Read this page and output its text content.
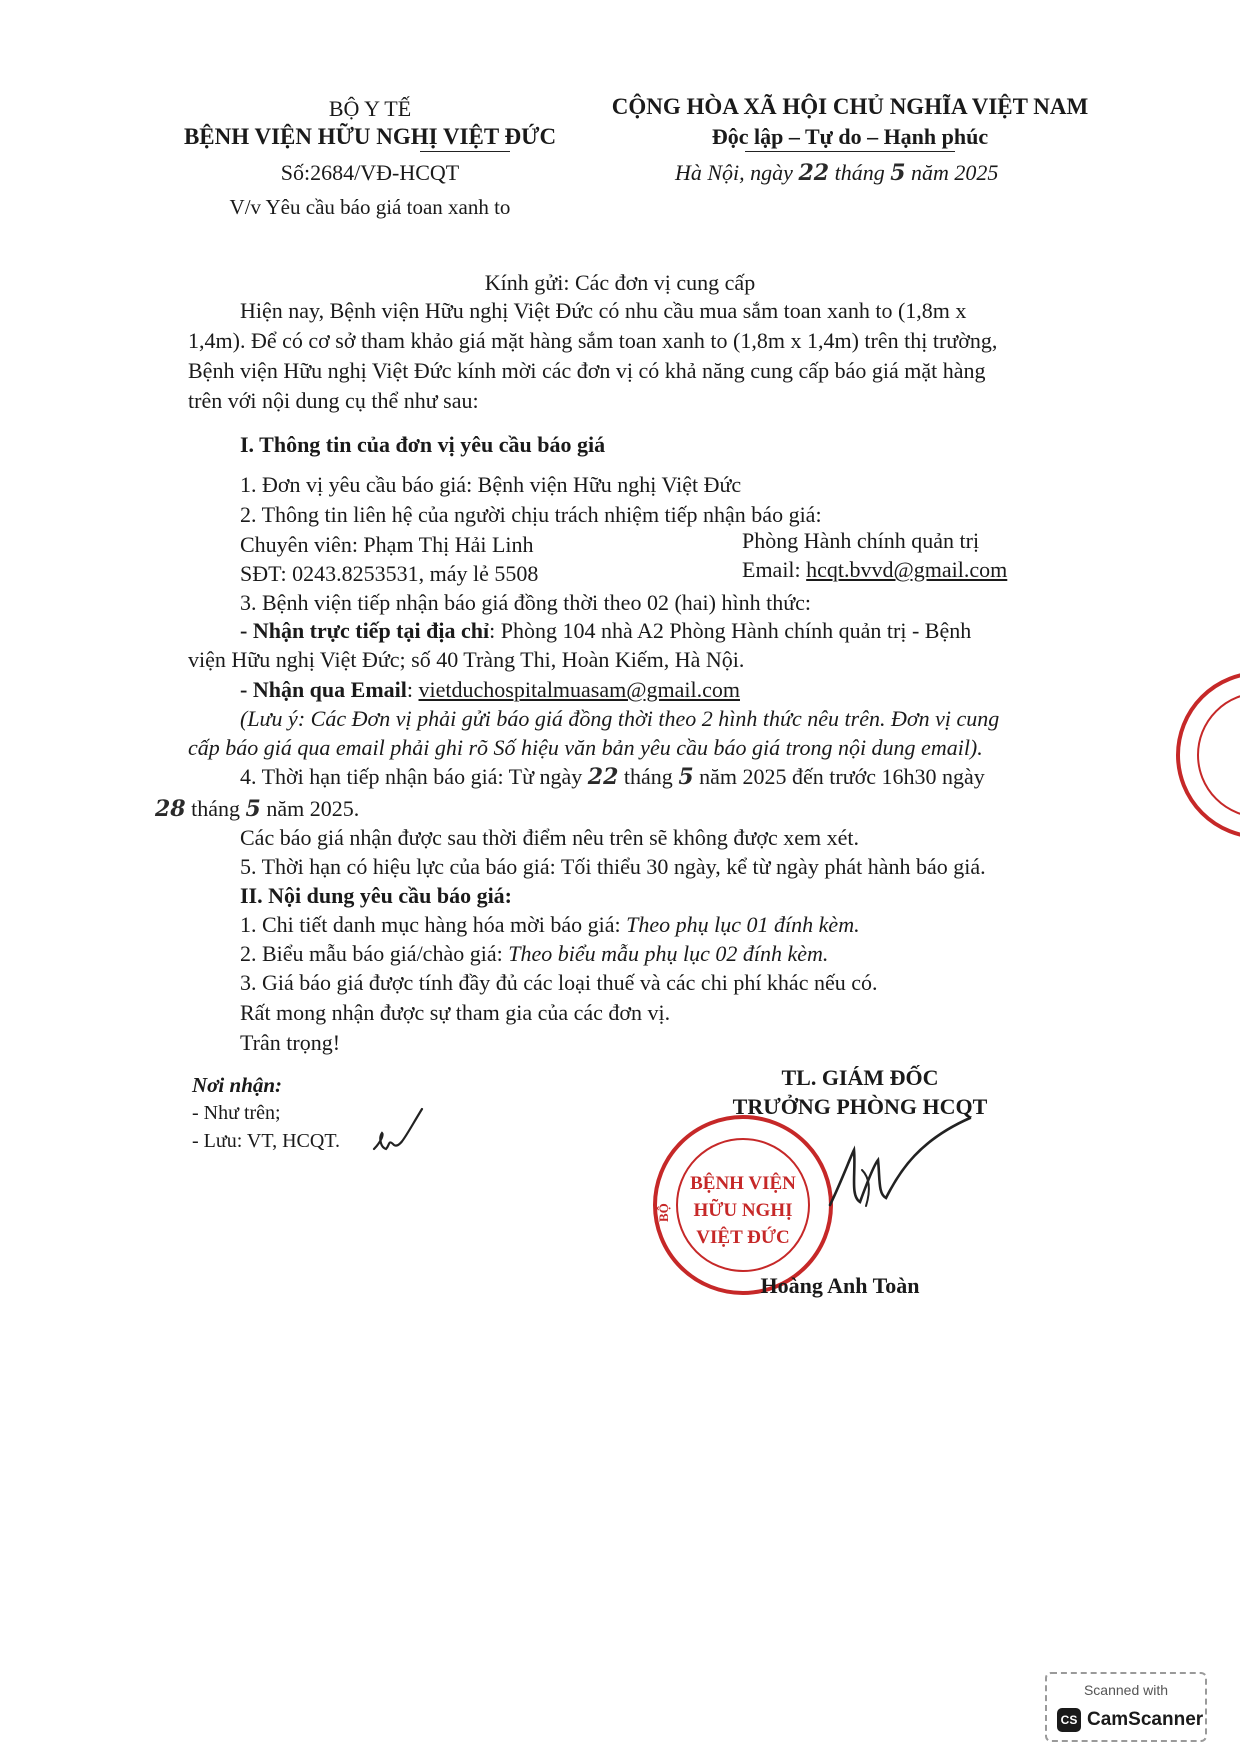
BỘ Y TẾ
BỆNH VIỆN HỮU NGHỊ VIỆT ĐỨC
Số:2684/VĐ-HCQT
V/v Yêu cầu báo giá toan xanh to
CỘNG HÒA XÃ HỘI CHỦ NGHĨA VIỆT NAM
Độc lập – Tự do – Hạnh phúc
Hà Nội, ngày 22 tháng 5 năm 2025
Kính gửi: Các đơn vị cung cấp
Hiện nay, Bệnh viện Hữu nghị Việt Đức có nhu cầu mua sắm toan xanh to (1,8m x
1,4m). Để có cơ sở tham khảo giá mặt hàng sắm toan xanh to (1,8m x 1,4m) trên thị trường,
Bệnh viện Hữu nghị Việt Đức kính mời các đơn vị có khả năng cung cấp báo giá mặt hàng
trên với nội dung cụ thể như sau:
I. Thông tin của đơn vị yêu cầu báo giá
1. Đơn vị yêu cầu báo giá: Bệnh viện Hữu nghị Việt Đức
2. Thông tin liên hệ của người chịu trách nhiệm tiếp nhận báo giá:
Chuyên viên: Phạm Thị Hải Linh	Phòng Hành chính quản trị
SĐT: 0243.8253531, máy lẻ 5508	Email: hcqt.bvvd@gmail.com
3. Bệnh viện tiếp nhận báo giá đồng thời theo 02 (hai) hình thức:
- Nhận trực tiếp tại địa chỉ: Phòng 104 nhà A2 Phòng Hành chính quản trị - Bệnh
viện Hữu nghị Việt Đức; số 40 Tràng Thi, Hoàn Kiếm, Hà Nội.
- Nhận qua Email: vietduchospitalmuasam@gmail.com
(Lưu ý: Các Đơn vị phải gửi báo giá đồng thời theo 2 hình thức nêu trên. Đơn vị cung
cấp báo giá qua email phải ghi rõ Số hiệu văn bản yêu cầu báo giá trong nội dung email).
4. Thời hạn tiếp nhận báo giá: Từ ngày 22 tháng 5 năm 2025 đến trước 16h30 ngày
28 tháng 5 năm 2025.
Các báo giá nhận được sau thời điểm nêu trên sẽ không được xem xét.
5. Thời hạn có hiệu lực của báo giá: Tối thiểu 30 ngày, kể từ ngày phát hành báo giá.
II. Nội dung yêu cầu báo giá:
1. Chi tiết danh mục hàng hóa mời báo giá: Theo phụ lục 01 đính kèm.
2. Biểu mẫu báo giá/chào giá: Theo biểu mẫu phụ lục 02 đính kèm.
3. Giá báo giá được tính đầy đủ các loại thuế và các chi phí khác nếu có.
Rất mong nhận được sự tham gia của các đơn vị.
Trân trọng!
Nơi nhận:
- Như trên;
- Lưu: VT, HCQT.
TL. GIÁM ĐỐC
TRƯỞNG PHÒNG HCQT
BỆNH VIỆN
HỮU NGHỊ
VIỆT ĐỨC
BỘ
Hoàng Anh Toàn
Scanned with
CS CamScanner
